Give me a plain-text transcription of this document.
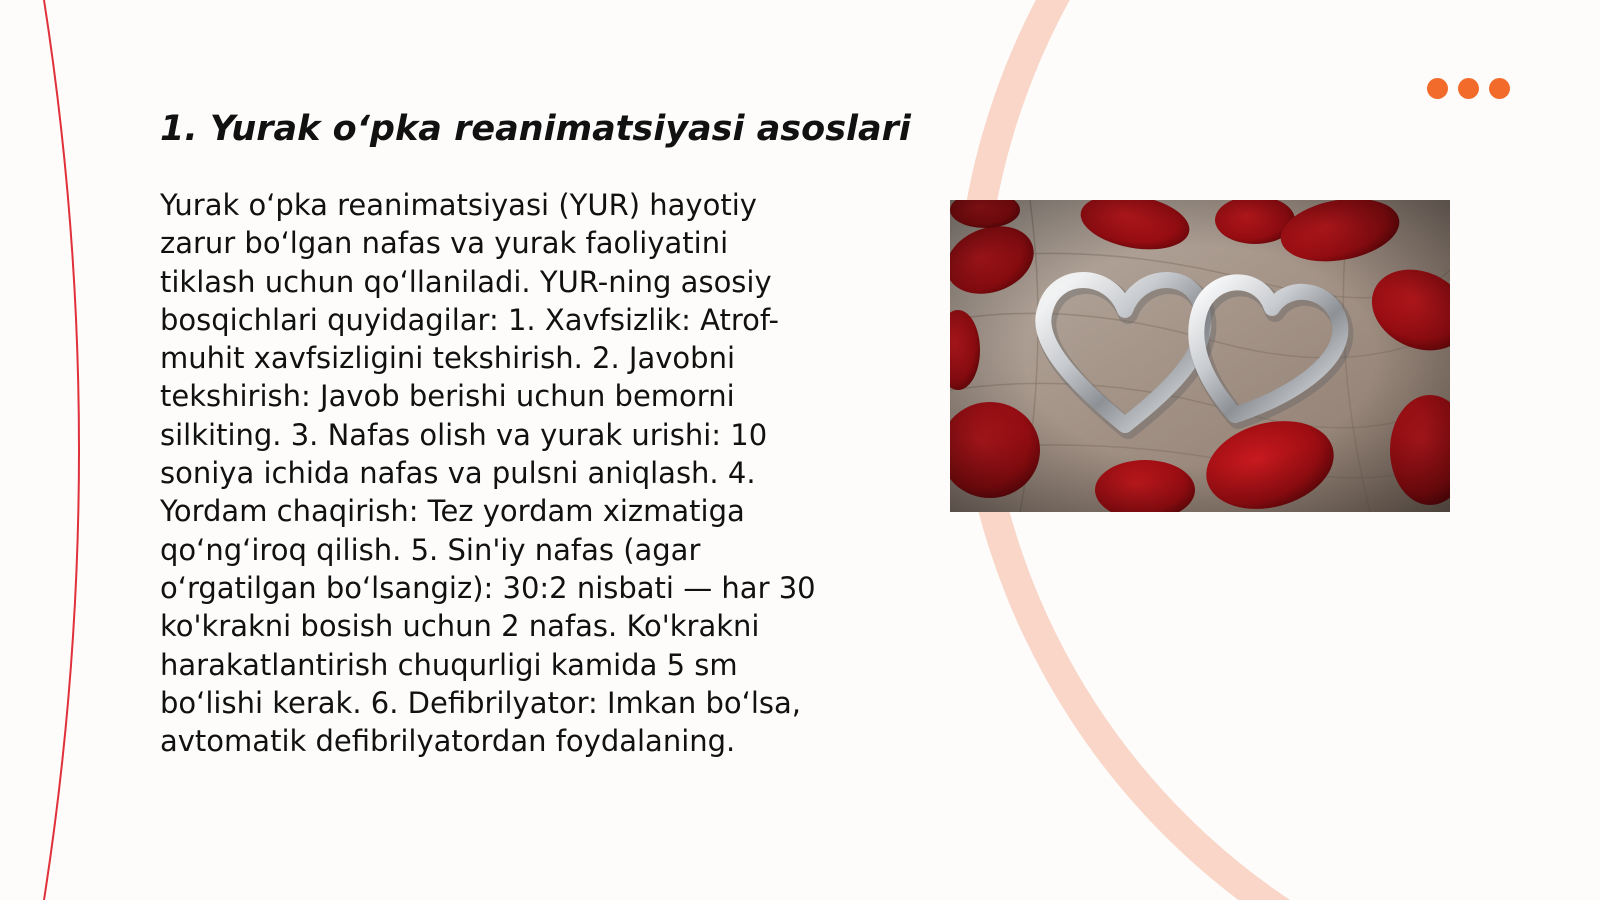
1. Yurak oʻpka reanimatsiyasi asoslari

Yurak oʻpka reanimatsiyasi (YUR) hayotiy zarur boʻlgan nafas va yurak faoliyatini tiklash uchun qoʻllaniladi. YUR-ning asosiy bosqichlari quyidagilar: 1. Xavfsizlik: Atrof-muhit xavfsizligini tekshirish. 2. Javobni tekshirish: Javob berishi uchun bemorni silkiting. 3. Nafas olish va yurak urishi: 10 soniya ichida nafas va pulsni aniqlash. 4. Yordam chaqirish: Tez yordam xizmatiga qoʻngʻiroq qilish. 5. Sin'iy nafas (agar oʻrgatilgan boʻlsangiz): 30:2 nisbati — har 30 ko'krakni bosish uchun 2 nafas. Ko'krakni harakatlantirish chuqurligi kamida 5 sm boʻlishi kerak. 6. Defibrilyator: Imkan boʻlsa, avtomatik defibrilyatordan foydalaning.
